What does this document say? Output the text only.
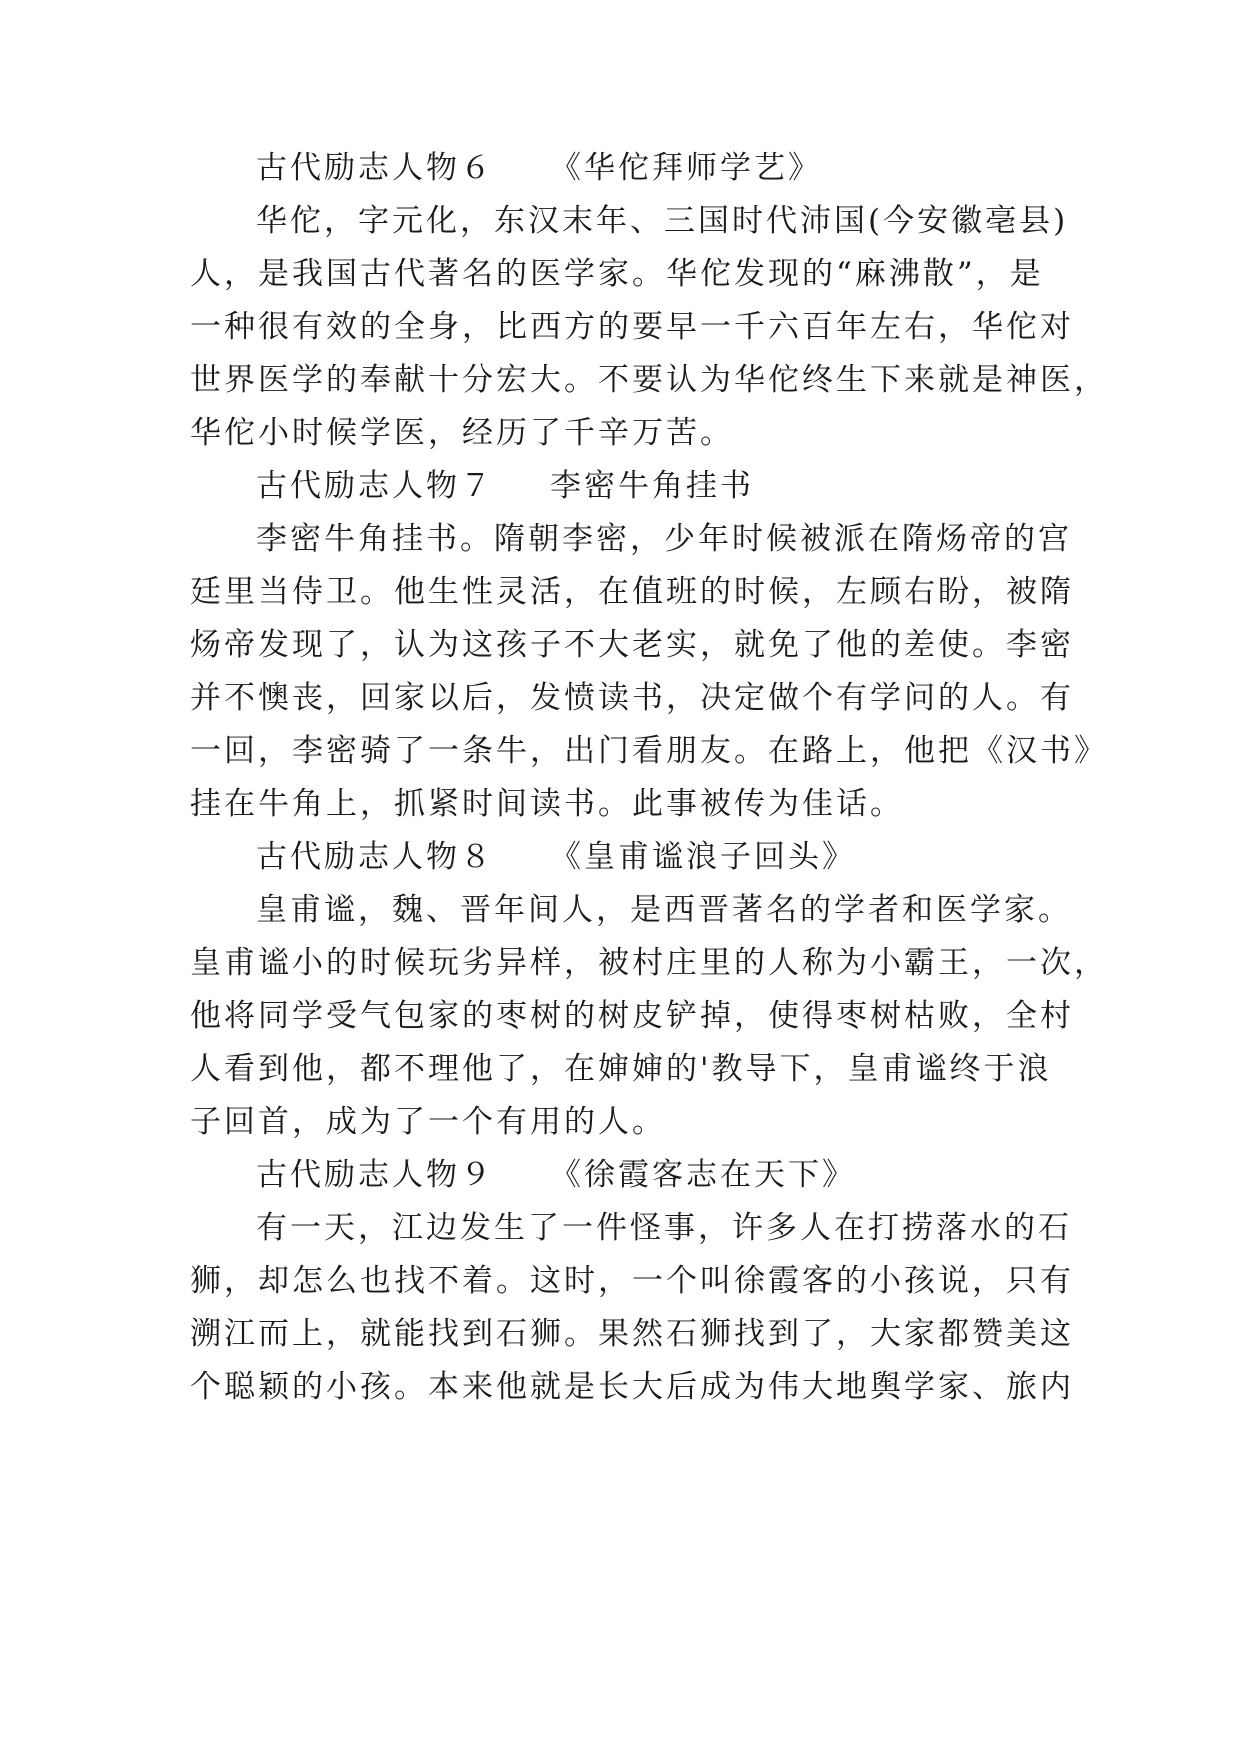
古代励志人物６ 《华佗拜师学艺》

华佗，字元化，东汉末年、三国时代沛国(今安徽亳县)

人，是我国古代著名的医学家。华佗发现的“麻沸散”，是

一种很有效的全身，比西方的要早一千六百年左右，华佗对

世界医学的奉献十分宏大。不要认为华佗终生下来就是神医，

华佗小时候学医，经历了千辛万苦。

古代励志人物７ 李密牛角挂书

李密牛角挂书。隋朝李密，少年时候被派在隋炀帝的宫

廷里当侍卫。他生性灵活，在值班的时候，左顾右盼，被隋

炀帝发现了，认为这孩子不大老实，就免了他的差使。李密

并不懊丧，回家以后，发愤读书，决定做个有学问的人。有

一回，李密骑了一条牛，出门看朋友。在路上，他把《汉书》

挂在牛角上，抓紧时间读书。此事被传为佳话。

古代励志人物８ 《皇甫谧浪子回头》

皇甫谧，魏、晋年间人，是西晋著名的学者和医学家。

皇甫谧小的时候玩劣异样，被村庄里的人称为小霸王，一次，

他将同学受气包家的枣树的树皮铲掉，使得枣树枯败，全村

人看到他，都不理他了，在婶婶的'教导下，皇甫谧终于浪

子回首，成为了一个有用的人。

古代励志人物９ 《徐霞客志在天下》

有一天，江边发生了一件怪事，许多人在打捞落水的石

狮，却怎么也找不着。这时，一个叫徐霞客的小孩说，只有

溯江而上，就能找到石狮。果然石狮找到了，大家都赞美这

个聪颖的小孩。本来他就是长大后成为伟大地舆学家、旅内
